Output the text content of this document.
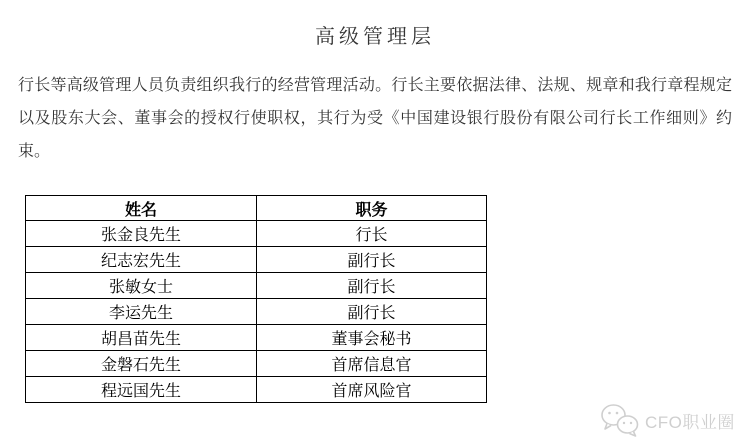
高级管理层

行长等高级管理人员负责组织我行的经营管理活动。行长主要依据法律、法规、规章和我行章程规定以及股东大会、董事会的授权行使职权，其行为受《中国建设银行股份有限公司行长工作细则》约束。

姓名	职务
张金良先生	行长
纪志宏先生	副行长
张敏女士	副行长
李运先生	副行长
胡昌苗先生	董事会秘书
金磐石先生	首席信息官
程远国先生	首席风险官
CFO职业圈
